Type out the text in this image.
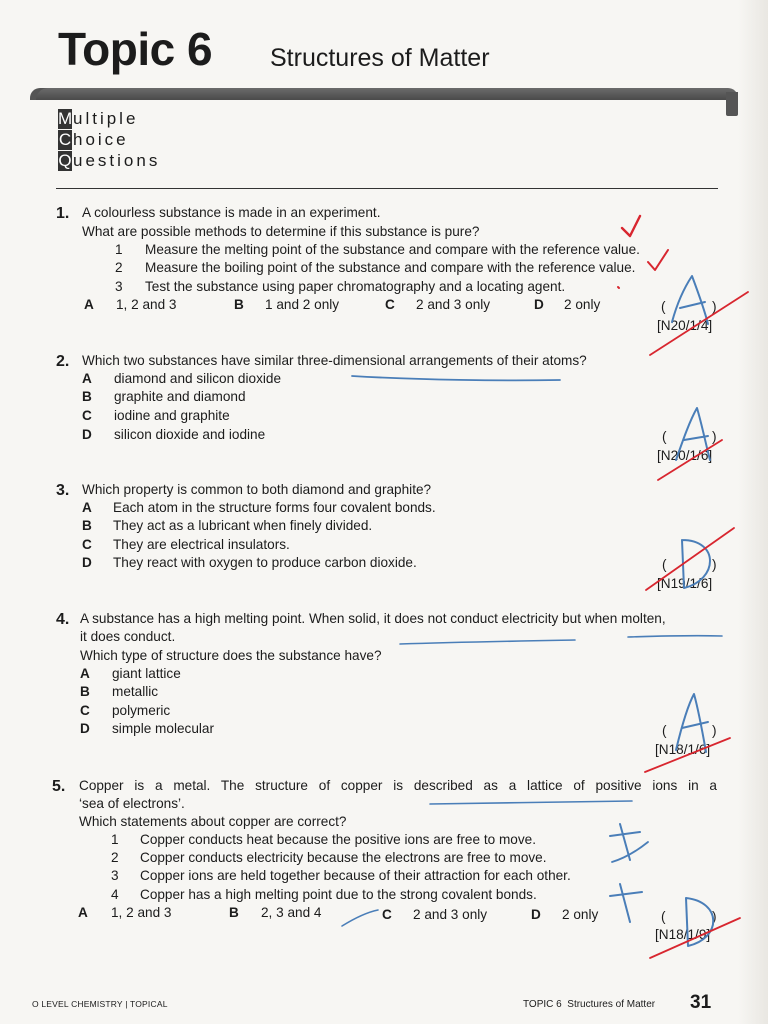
Topic 6 Structures of Matter
M ultiple
C hoice
Q uestions
1. A colourless substance is made in an experiment.
What are possible methods to determine if this substance is pure?
1 Measure the melting point of the substance and compare with the reference value.
2 Measure the boiling point of the substance and compare with the reference value.
3 Test the substance using paper chromatography and a locating agent.
A 1, 2 and 3	B 1 and 2 only	C 2 and 3 only	D 2 only	(	)
[N20/1/4]
2. Which two substances have similar three-dimensional arrangements of their atoms?
A diamond and silicon dioxide
B graphite and diamond
C iodine and graphite
D silicon dioxide and iodine	(	)
[N20/1/6]
3. Which property is common to both diamond and graphite?
A Each atom in the structure forms four covalent bonds.
B They act as a lubricant when finely divided.
C They are electrical insulators.
D They react with oxygen to produce carbon dioxide.	(	)
[N19/1/6]
4. A substance has a high melting point. When solid, it does not conduct electricity but when molten,
it does conduct.
Which type of structure does the substance have?
A giant lattice
B metallic
C polymeric
D simple molecular	(	)
[N18/1/6]
5. Copper is a metal. The structure of copper is described as a lattice of positive ions in a
‘sea of electrons’.
Which statements about copper are correct?
1 Copper conducts heat because the positive ions are free to move.
2 Copper conducts electricity because the electrons are free to move.
3 Copper ions are held together because of their attraction for each other.
4 Copper has a high melting point due to the strong covalent bonds.
A 1, 2 and 3	B 2, 3 and 4	C 2 and 3 only	D 2 only	(	)
[N18/1/9]
O LEVEL CHEMISTRY | TOPICAL	TOPIC 6 Structures of Matter 31
